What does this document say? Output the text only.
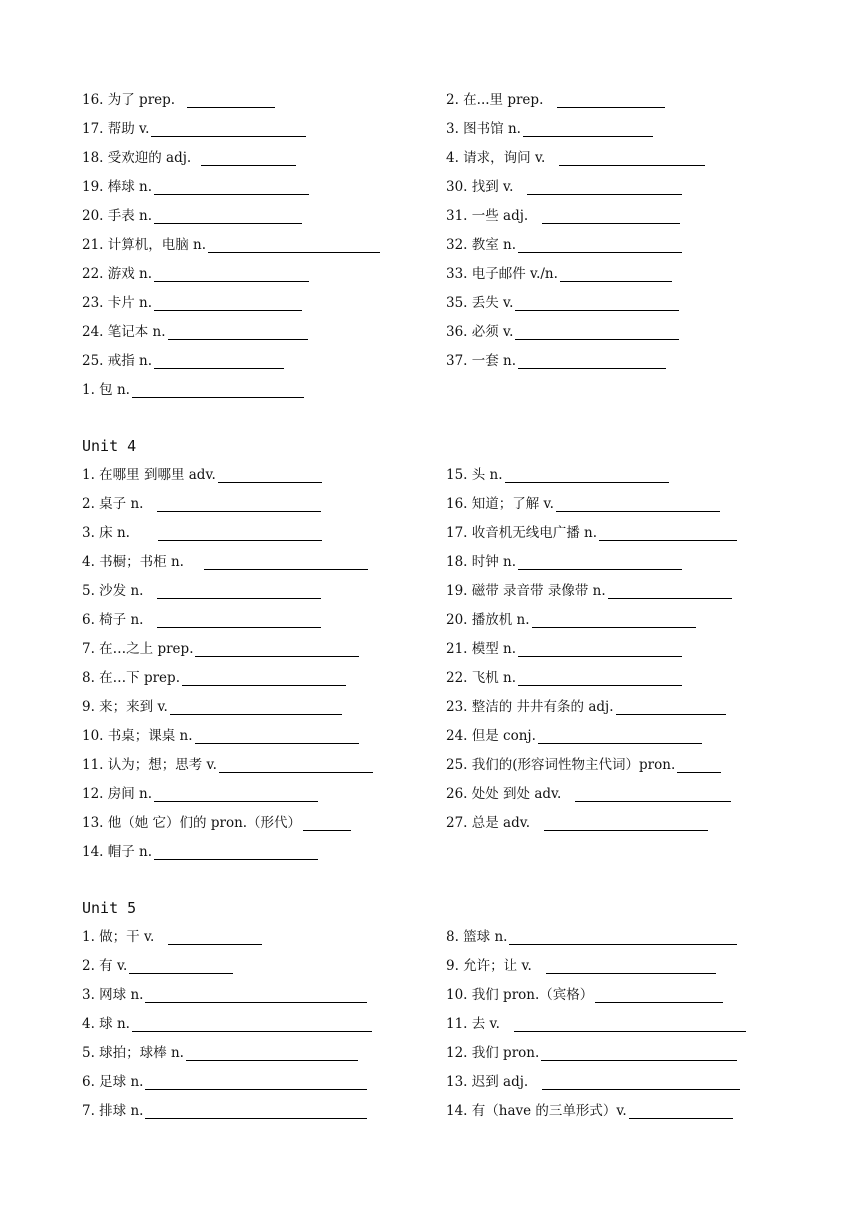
16. 为了 prep.
17. 帮助 v.
18. 受欢迎的 adj.
19. 棒球 n.
20. 手表 n.
21. 计算机，电脑 n.
22. 游戏 n.
23. 卡片 n.
24. 笔记本 n.
25. 戒指 n.
1. 包 n.
2. 在...里 prep.
3. 图书馆 n.
4. 请求，询问 v.
30. 找到 v.
31. 一些 adj.
32. 教室 n.
33. 电子邮件 v./n.
35. 丢失 v.
36. 必须 v.
37. 一套 n.
Unit 4
1. 在哪里 到哪里 adv.
2. 桌子 n.
3. 床 n.
4. 书橱；书柜 n.
5. 沙发 n.
6. 椅子 n.
7. 在…之上 prep.
8. 在…下 prep.
9. 来；来到 v.
10. 书桌；课桌 n.
11. 认为；想；思考 v.
12. 房间 n.
13. 他（她 它）们的 pron.（形代）
14. 帽子 n.
15. 头 n.
16. 知道；了解 v.
17. 收音机无线电广播 n.
18. 时钟 n.
19. 磁带 录音带 录像带 n.
20. 播放机 n.
21. 模型 n.
22. 飞机 n.
23. 整洁的 井井有条的 adj.
24. 但是 conj.
25. 我们的(形容词性物主代词）pron.
26. 处处 到处 adv.
27. 总是 adv.
Unit 5
1. 做；干 v.
2. 有 v.
3. 网球 n.
4. 球 n.
5. 球拍；球棒 n.
6. 足球 n.
7. 排球 n.
8. 篮球 n.
9. 允许；让 v.
10. 我们 pron.（宾格）
11. 去 v.
12. 我们 pron.
13. 迟到 adj.
14. 有（have 的三单形式）v.
